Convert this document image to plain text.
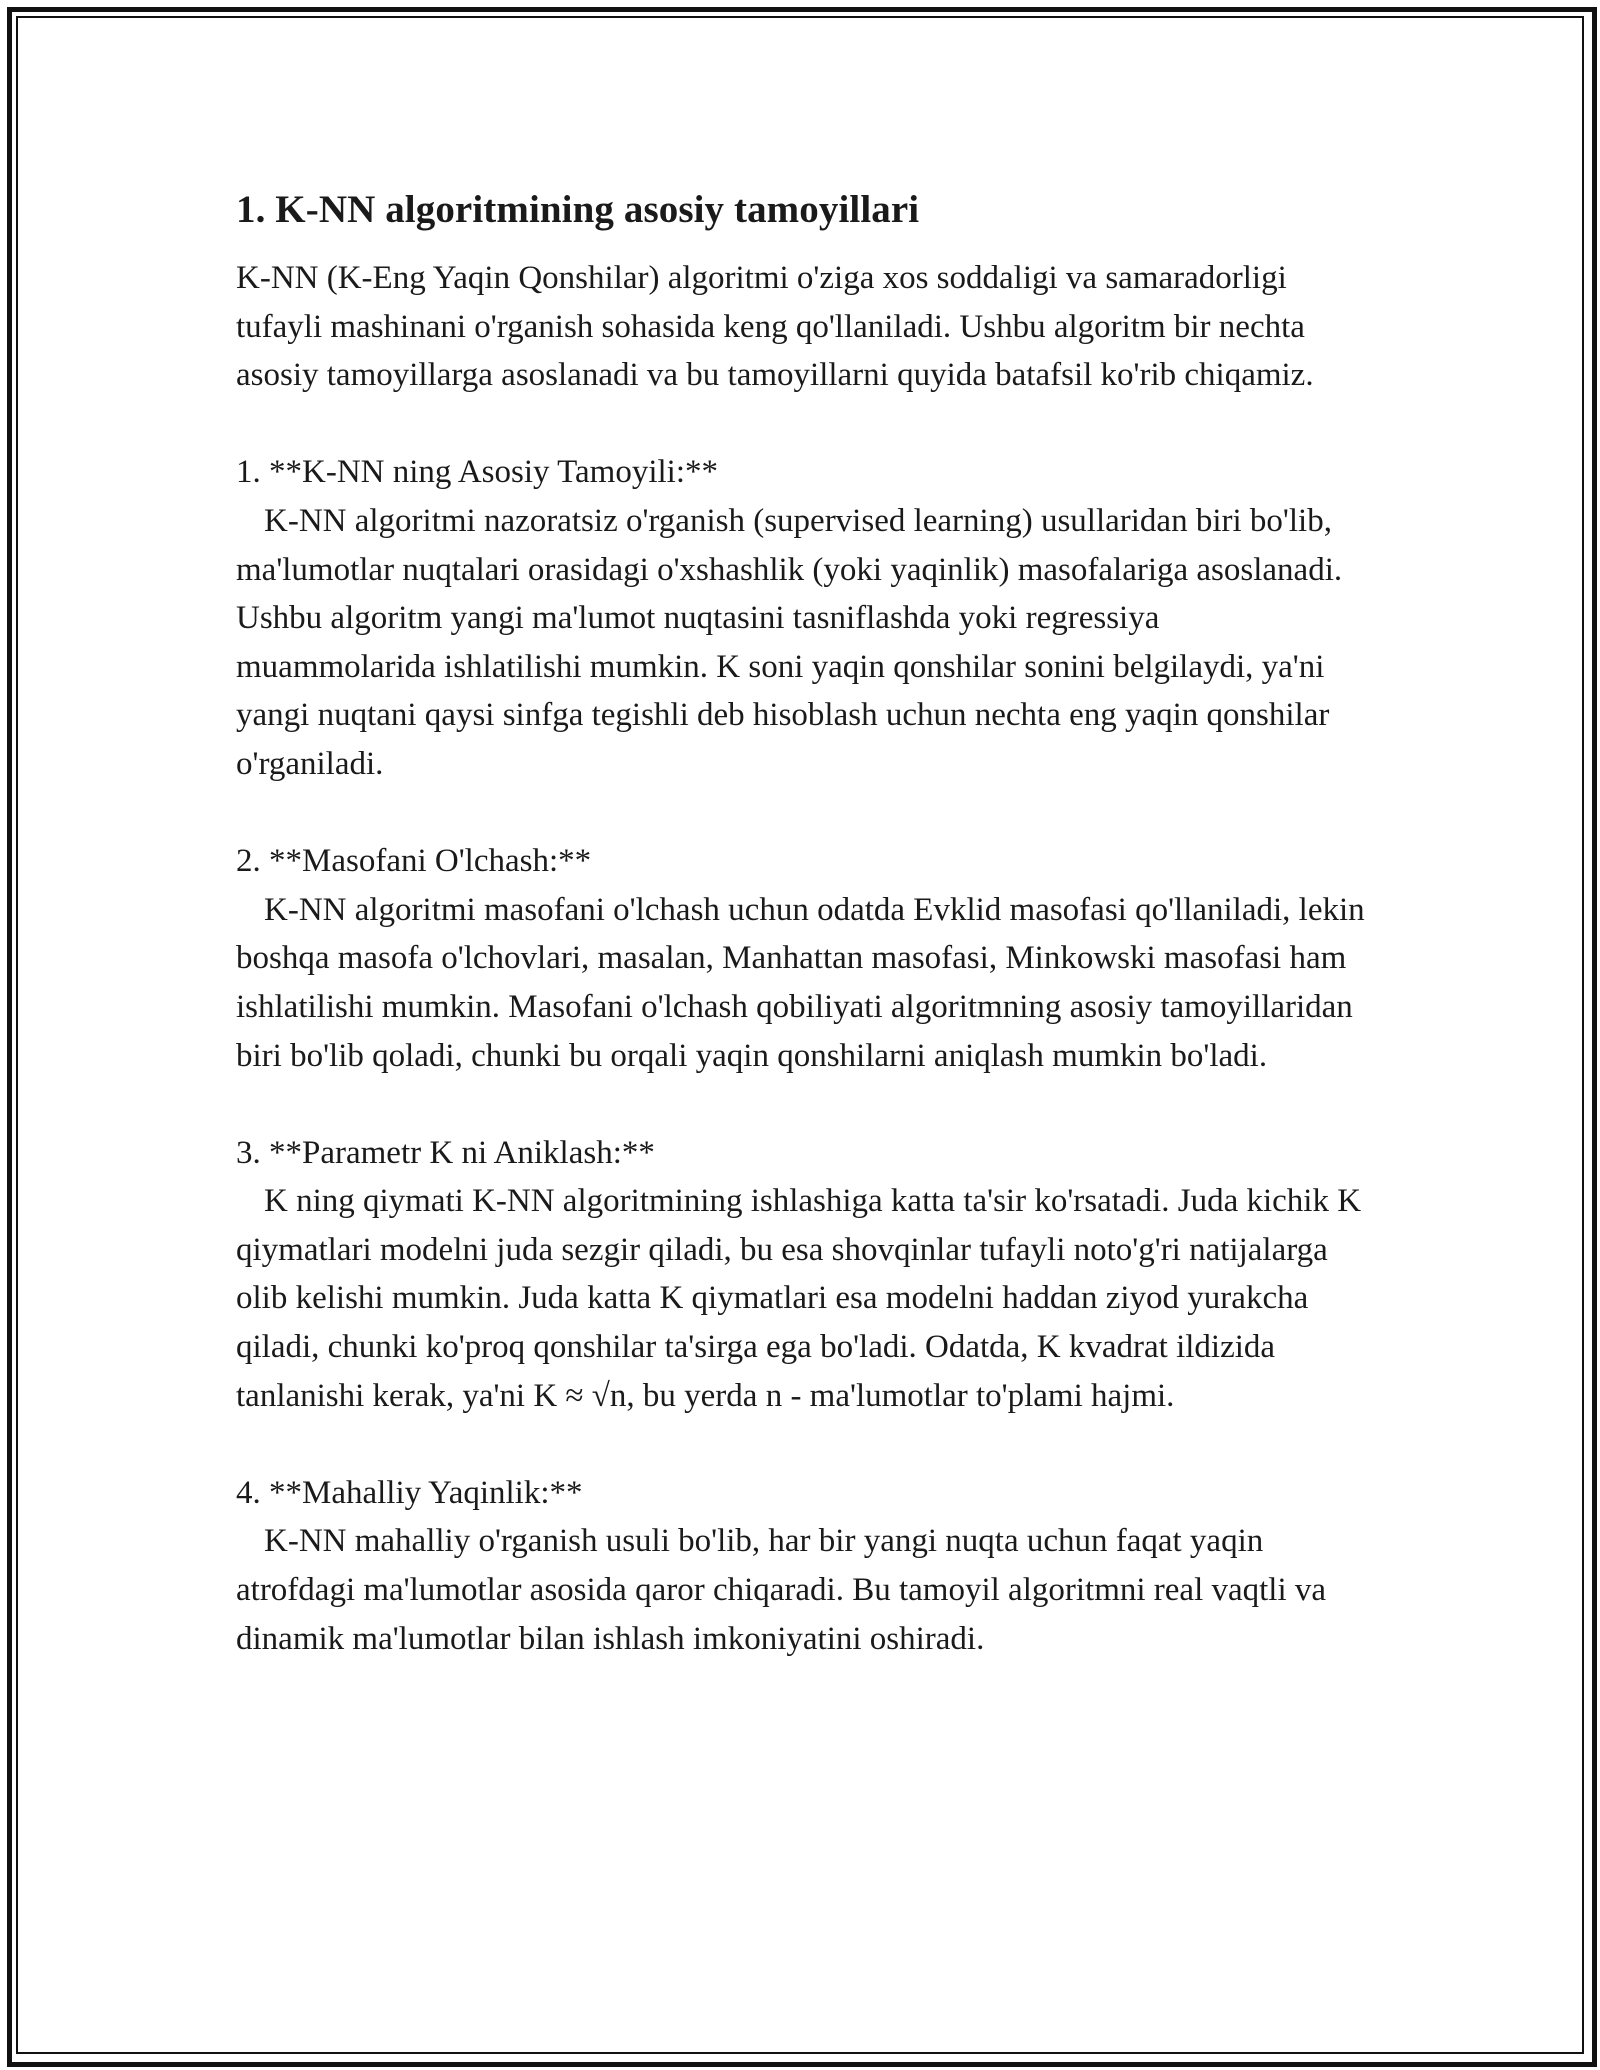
1. K-NN algoritmining asosiy tamoyillari

K-NN (K-Eng Yaqin Qonshilar) algoritmi o'ziga xos soddaligi va samaradorligi tufayli mashinani o'rganish sohasida keng qo'llaniladi. Ushbu algoritm bir nechta asosiy tamoyillarga asoslanadi va bu tamoyillarni quyida batafsil ko'rib chiqamiz.

1. **K-NN ning Asosiy Tamoyili:**

K-NN algoritmi nazoratsiz o'rganish (supervised learning) usullaridan biri bo'lib, ma'lumotlar nuqtalari orasidagi o'xshashlik (yoki yaqinlik) masofalariga asoslanadi. Ushbu algoritm yangi ma'lumot nuqtasini tasniflashda yoki regressiya muammolarida ishlatilishi mumkin. K soni yaqin qonshilar sonini belgilaydi, ya'ni yangi nuqtani qaysi sinfga tegishli deb hisoblash uchun nechta eng yaqin qonshilar o'rganiladi.

2. **Masofani O'lchash:**

K-NN algoritmi masofani o'lchash uchun odatda Evklid masofasi qo'llaniladi, lekin boshqa masofa o'lchovlari, masalan, Manhattan masofasi, Minkowski masofasi ham ishlatilishi mumkin. Masofani o'lchash qobiliyati algoritmning asosiy tamoyillaridan biri bo'lib qoladi, chunki bu orqali yaqin qonshilarni aniqlash mumkin bo'ladi.

3. **Parametr K ni Aniklash:**

K ning qiymati K-NN algoritmining ishlashiga katta ta'sir ko'rsatadi. Juda kichik K qiymatlari modelni juda sezgir qiladi, bu esa shovqinlar tufayli noto'g'ri natijalarga olib kelishi mumkin. Juda katta K qiymatlari esa modelni haddan ziyod yurakcha qiladi, chunki ko'proq qonshilar ta'sirga ega bo'ladi. Odatda, K kvadrat ildizida tanlanishi kerak, ya'ni K ≈ √n, bu yerda n - ma'lumotlar to'plami hajmi.

4. **Mahalliy Yaqinlik:**

K-NN mahalliy o'rganish usuli bo'lib, har bir yangi nuqta uchun faqat yaqin atrofdagi ma'lumotlar asosida qaror chiqaradi. Bu tamoyil algoritmni real vaqtli va dinamik ma'lumotlar bilan ishlash imkoniyatini oshiradi.
